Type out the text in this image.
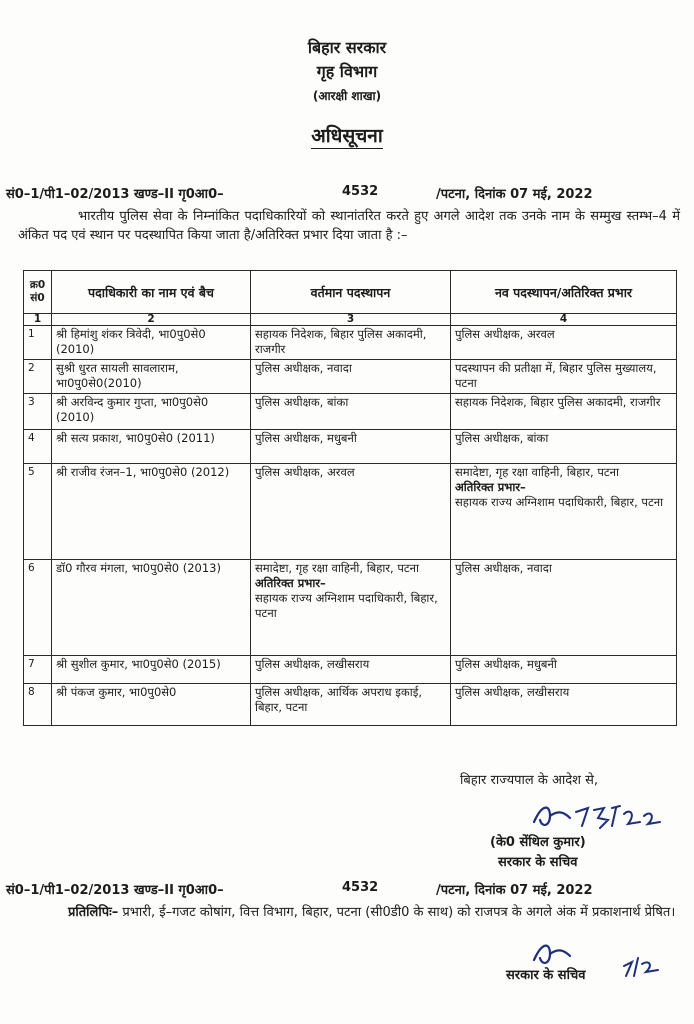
बिहार सरकार
गृह विभाग
(आरक्षी शाखा)
अधिसूचना
सं0–1/पी1–02/2013 खण्ड–II गृ0आ0–	4532	/पटना, दिनांक 07 मई, 2022
भारतीय पुलिस सेवा के निम्नांकित पदाधिकारियों को स्थानांतरित करते हुए अगले आदेश तक उनके नाम के सम्मुख स्तम्भ–4 में अंकित पद एवं स्थान पर पदस्थापित किया जाता है/अतिरिक्त प्रभार दिया जाता है :–
क्र0 सं0	पदाधिकारी का नाम एवं बैच	वर्तमान पदस्थापन	नव पदस्थापन/अतिरिक्त प्रभार
1	2	3	4

1	श्री हिमांशु शंकर त्रिवेदी, भा0पु0से0 (2010)	सहायक निदेशक, बिहार पुलिस अकादमी, राजगीर	पुलिस अधीक्षक, अरवल

2	सुश्री धुरत सायली सावलाराम, भा0पु0से0(2010)	पुलिस अधीक्षक, नवादा	पदस्थापन की प्रतीक्षा में, बिहार पुलिस मुख्यालय, पटना

3	श्री अरविन्द कुमार गुप्ता, भा0पु0से0 (2010)	पुलिस अधीक्षक, बांका	सहायक निदेशक, बिहार पुलिस अकादमी, राजगीर

4	श्री सत्य प्रकाश, भा0पु0से0 (2011)	पुलिस अधीक्षक, मधुबनी	पुलिस अधीक्षक, बांका

5	श्री राजीव रंजन–1, भा0पु0से0 (2012)	पुलिस अधीक्षक, अरवल	समादेष्टा, गृह रक्षा वाहिनी, बिहार, पटना
अतिरिक्त प्रभार–
सहायक राज्य अग्निशाम पदाधिकारी, बिहार, पटना

6	डॉ0 गौरव मंगला, भा0पु0से0 (2013)	समादेष्टा, गृह रक्षा वाहिनी, बिहार, पटना
अतिरिक्त प्रभार–
सहायक राज्य अग्निशाम पदाधिकारी, बिहार, पटना	पुलिस अधीक्षक, नवादा

7	श्री सुशील कुमार, भा0पु0से0 (2015)	पुलिस अधीक्षक, लखीसराय	पुलिस अधीक्षक, मधुबनी

8	श्री पंकज कुमार, भा0पु0से0	पुलिस अधीक्षक, आर्थिक अपराध इकाई, बिहार, पटना	पुलिस अधीक्षक, लखीसराय
बिहार राज्यपाल के आदेश से,
(के0 सेंथिल कुमार)
सरकार के सचिव
सं0–1/पी1–02/2013 खण्ड–II गृ0आ0–	4532	/पटना, दिनांक 07 मई, 2022
प्रतिलिपिः– प्रभारी, ई–गजट कोषांग, वित्त विभाग, बिहार, पटना (सी0डी0 के साथ) को राजपत्र के अगले अंक में प्रकाशनार्थ प्रेषित।
सरकार के सचिव
